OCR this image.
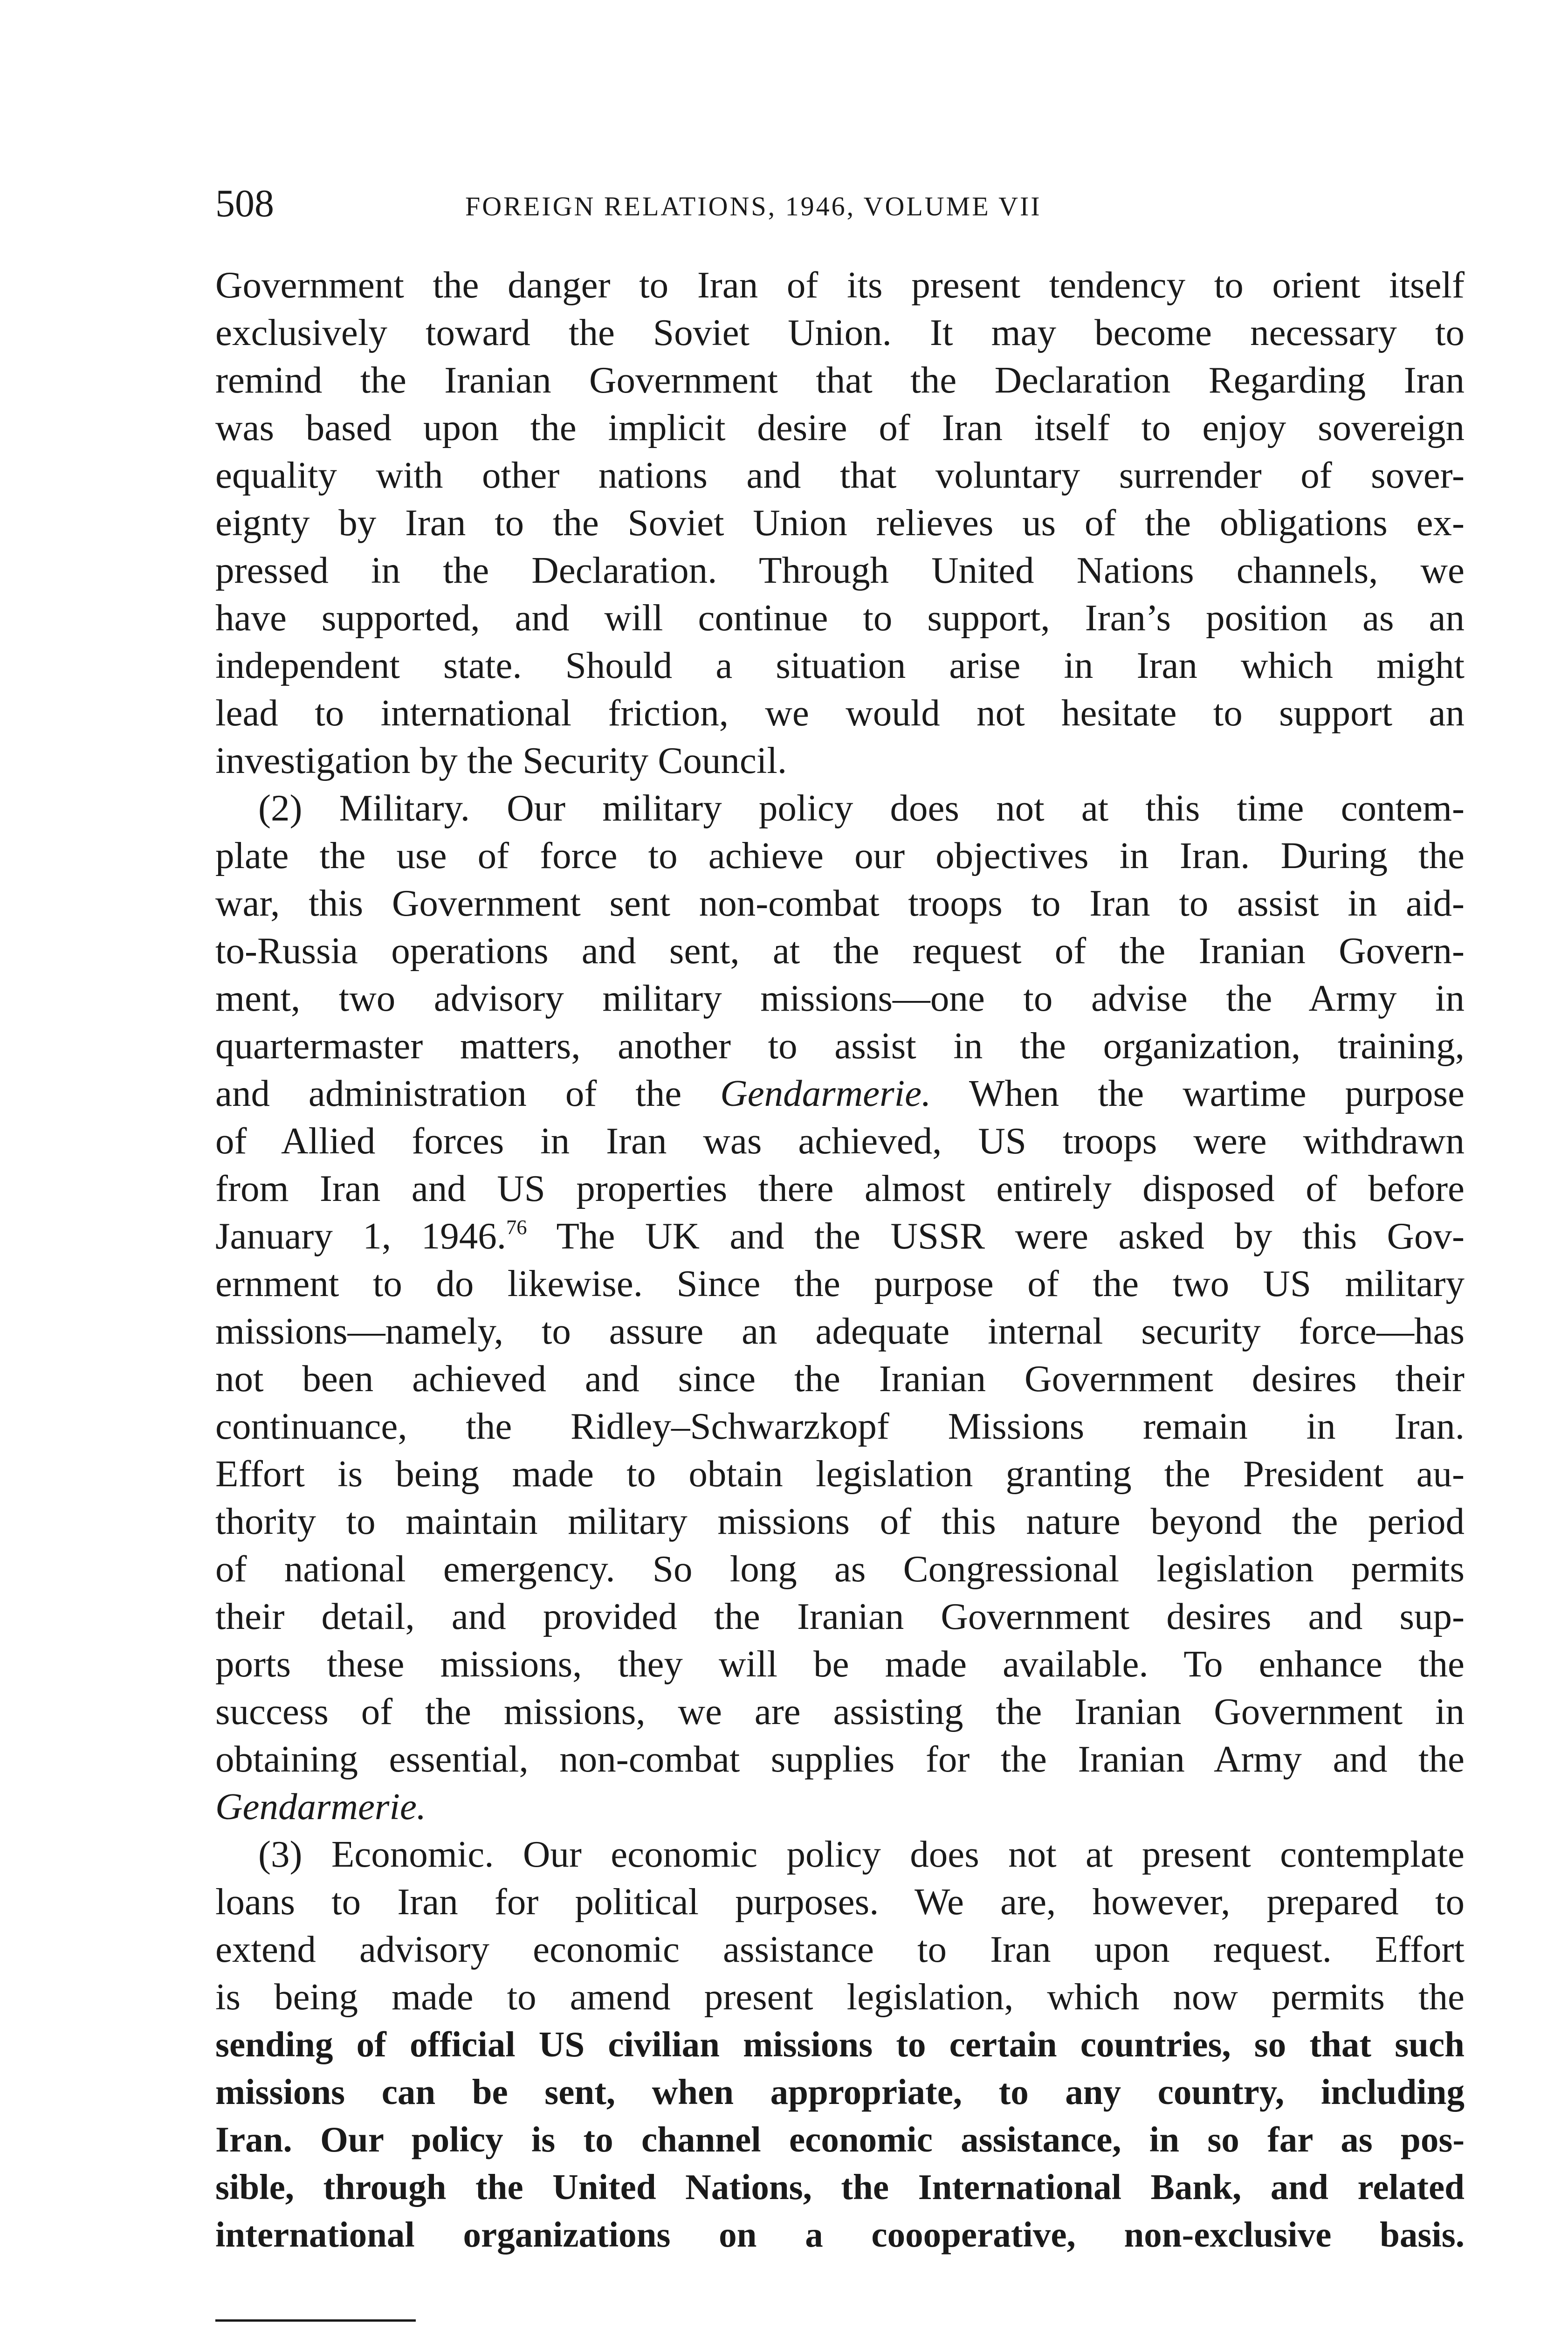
508	FOREIGN RELATIONS, 1946, VOLUME VII
Government the danger to Iran of its present tendency to orient itself
exclusively toward the Soviet Union. It may become necessary to
remind the Iranian Government that the Declaration Regarding Iran
was based upon the implicit desire of Iran itself to enjoy sovereign
equality with other nations and that voluntary surrender of sover-
eignty by Iran to the Soviet Union relieves us of the obligations ex-
pressed in the Declaration. Through United Nations channels, we
have supported, and will continue to support, Iran’s position as an
independent state. Should a situation arise in Iran which might
lead to international friction, we would not hesitate to support an
investigation by the Security Council.
(2) Military. Our military policy does not at this time contem-
plate the use of force to achieve our objectives in Iran. During the
war, this Government sent non-combat troops to Iran to assist in aid-
to-Russia operations and sent, at the request of the Iranian Govern-
ment, two advisory military missions—one to advise the Army in
quartermaster matters, another to assist in the organization, training,
and administration of the Gendarmerie. When the wartime purpose
of Allied forces in Iran was achieved, US troops were withdrawn
from Iran and US properties there almost entirely disposed of before
January 1, 1946.76 The UK and the USSR were asked by this Gov-
ernment to do likewise. Since the purpose of the two US military
missions—namely, to assure an adequate internal security force—has
not been achieved and since the Iranian Government desires their
continuance, the Ridley–Schwarzkopf Missions remain in Iran.
Effort is being made to obtain legislation granting the President au-
thority to maintain military missions of this nature beyond the period
of national emergency. So long as Congressional legislation permits
their detail, and provided the Iranian Government desires and sup-
ports these missions, they will be made available. To enhance the
success of the missions, we are assisting the Iranian Government in
obtaining essential, non-combat supplies for the Iranian Army and the
Gendarmerie.
(3) Economic. Our economic policy does not at present contemplate
loans to Iran for political purposes. We are, however, prepared to
extend advisory economic assistance to Iran upon request. Effort
is being made to amend present legislation, which now permits the
sending of official US civilian missions to certain countries, so that such
missions can be sent, when appropriate, to any country, including
Iran. Our policy is to channel economic assistance, in so far as pos-
sible, through the United Nations, the International Bank, and related
international organizations on a coooperative, non-exclusive basis.
